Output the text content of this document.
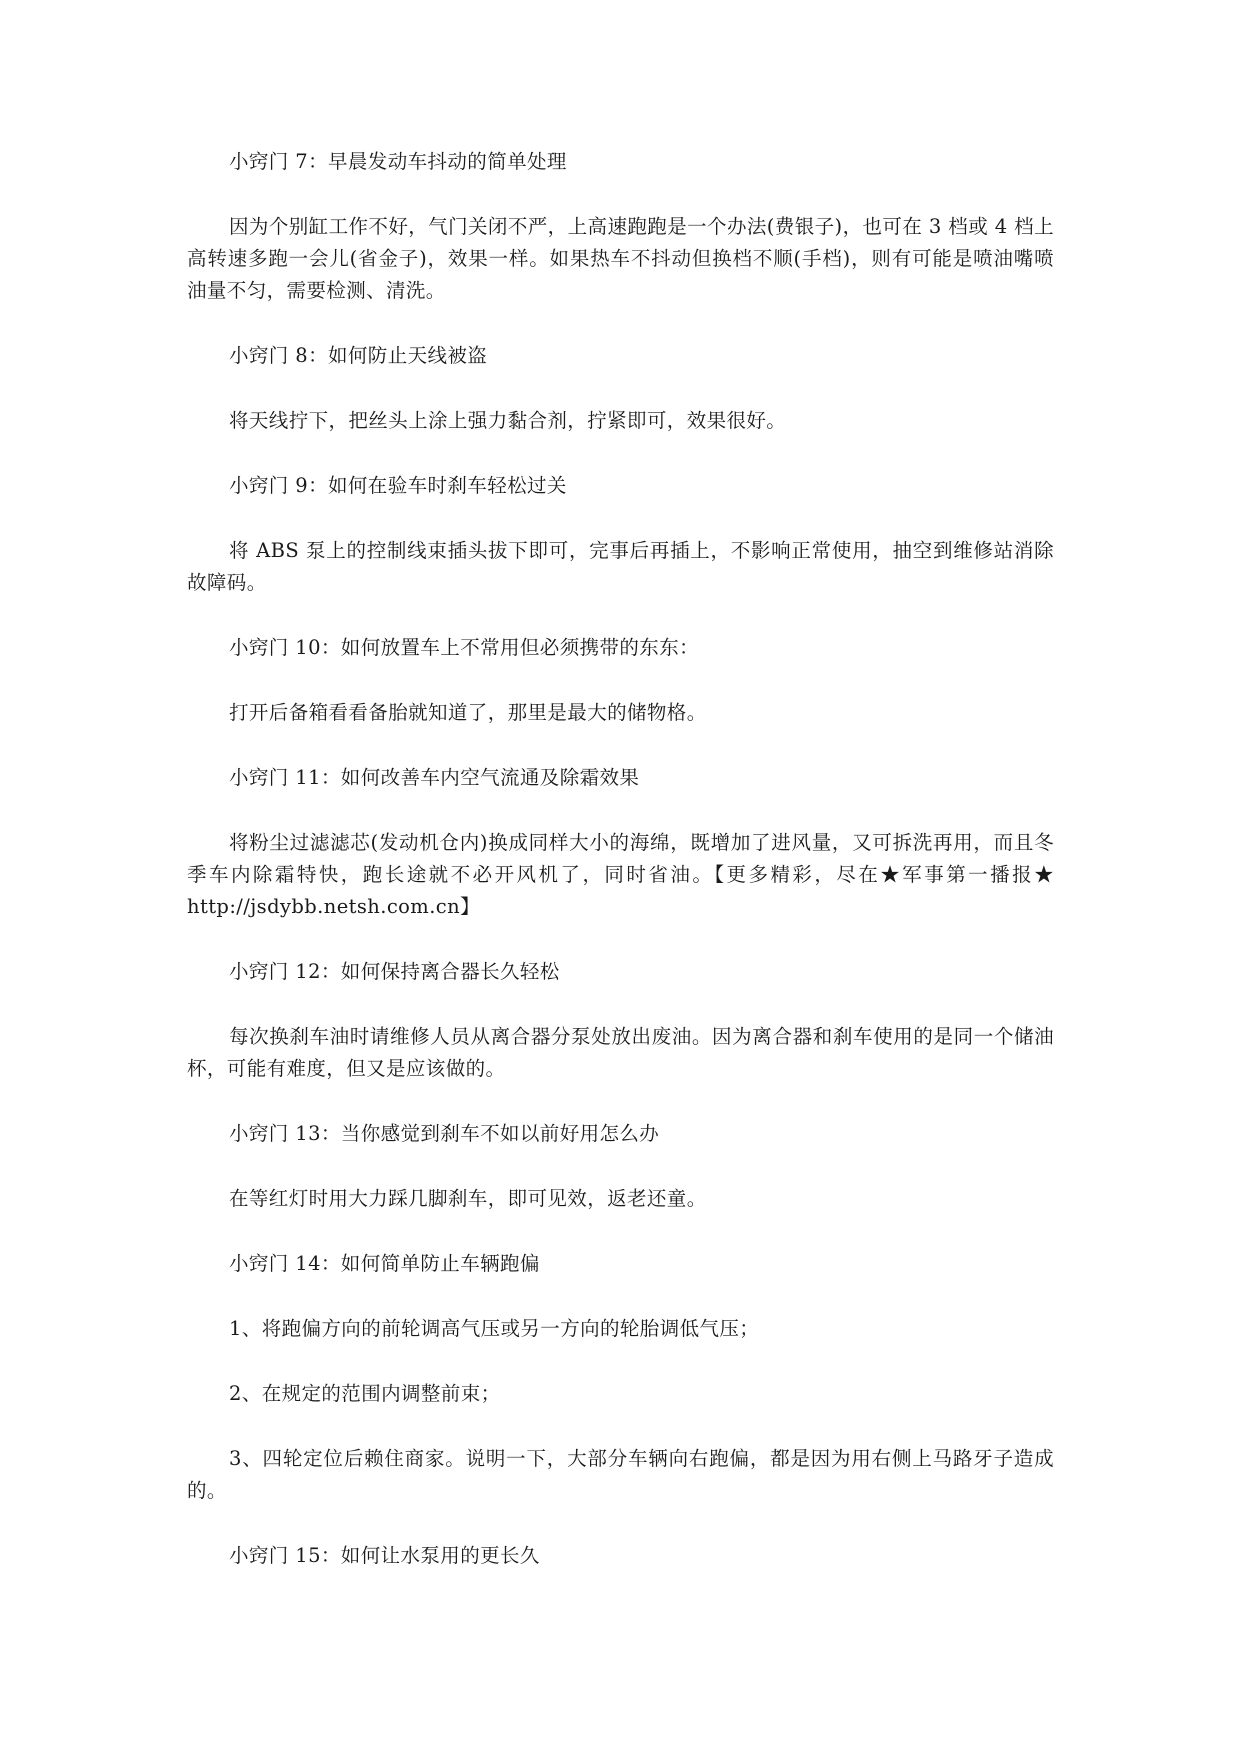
小窍门 7：早晨发动车抖动的简单处理

因为个别缸工作不好，气门关闭不严，上高速跑跑是一个办法(费银子)，也可在 3 档或 4 档上高转速多跑一会儿(省金子)，效果一样。如果热车不抖动但换档不顺(手档)，则有可能是喷油嘴喷油量不匀，需要检测、清洗。

小窍门 8：如何防止天线被盗

将天线拧下，把丝头上涂上强力黏合剂，拧紧即可，效果很好。

小窍门 9：如何在验车时刹车轻松过关

将 ABS 泵上的控制线束插头拔下即可，完事后再插上，不影响正常使用，抽空到维修站消除故障码。

小窍门 10：如何放置车上不常用但必须携带的东东：

打开后备箱看看备胎就知道了，那里是最大的储物格。

小窍门 11：如何改善车内空气流通及除霜效果

将粉尘过滤滤芯(发动机仓内)换成同样大小的海绵，既增加了进风量，又可拆洗再用，而且冬季车内除霜特快，跑长途就不必开风机了，同时省油。【更多精彩，尽在★军事第一播报★ http://jsdybb.netsh.com.cn】

小窍门 12：如何保持离合器长久轻松

每次换刹车油时请维修人员从离合器分泵处放出废油。因为离合器和刹车使用的是同一个储油杯，可能有难度，但又是应该做的。

小窍门 13：当你感觉到刹车不如以前好用怎么办

在等红灯时用大力踩几脚刹车，即可见效，返老还童。

小窍门 14：如何简单防止车辆跑偏

1、将跑偏方向的前轮调高气压或另一方向的轮胎调低气压；

2、在规定的范围内调整前束；

3、四轮定位后赖住商家。说明一下，大部分车辆向右跑偏，都是因为用右侧上马路牙子造成的。

小窍门 15：如何让水泵用的更长久
